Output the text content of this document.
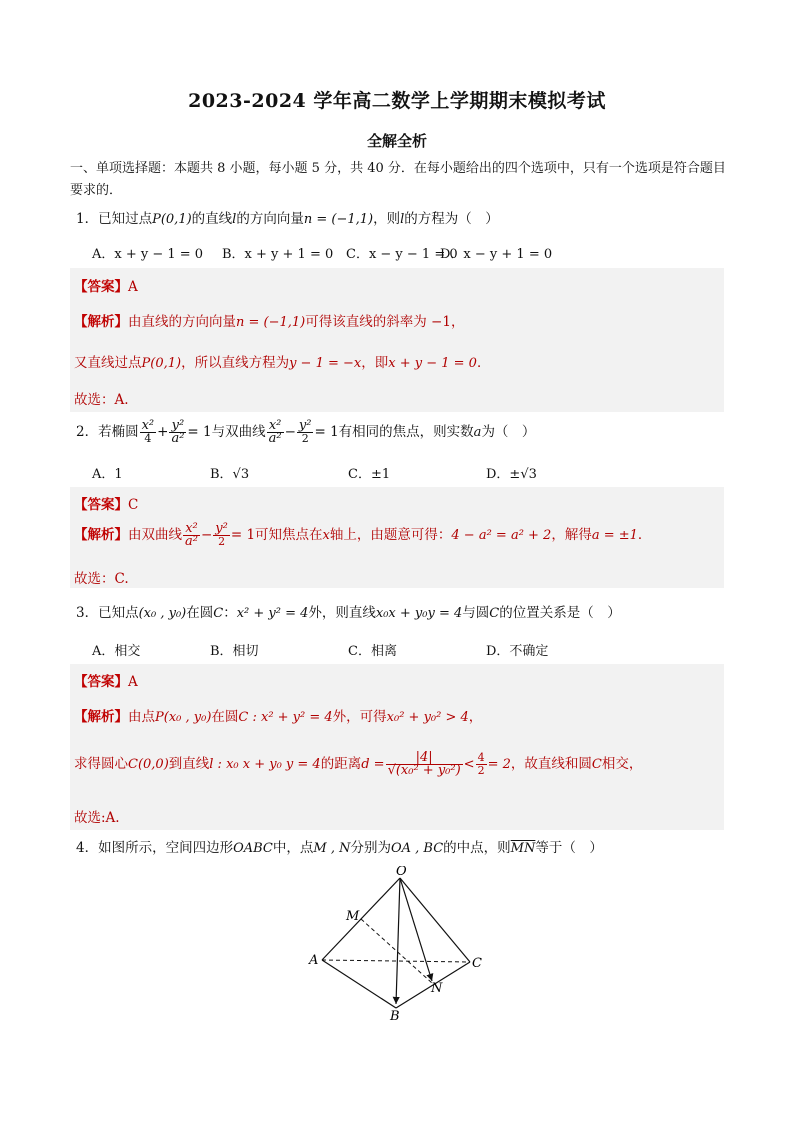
2023-2024 学年高二数学上学期期末模拟考试
全解全析
一、单项选择题：本题共 8 小题，每小题 5 分，共 40 分．在每小题给出的四个选项中，只有一个选项是符合题目要求的．
1．已知过点P(0,1)的直线l的方向向量n = (−1,1)，则l的方程为（　）
A．x + y − 1 = 0 B．x + y + 1 = 0 C．x − y − 1 = 0
D．x − y + 1 = 0
【答案】A
【解析】由直线的方向向量n = (−1,1)可得该直线的斜率为 −1，
又直线过点P(0,1)，所以直线方程为y − 1 = −x，即x + y − 1 = 0．
故选：A.
2．若椭圆 $\frac{\text{x²}}{4} + \frac{\text{y²}}{\text{a²}} = 1$与双曲线 $\frac{\text{x²}}{\text{a²}} - \frac{\text{y²}}{2} = 1$有相同的焦点，则实数a为（　）
A．1	B．√3	C．±1	D．±√3
【答案】C
【解析】由双曲线 $\frac{\text{x²}}{\text{a²}} - \frac{\text{y²}}{2} = 1$可知焦点在x轴上，由题意可得：4 − a² = a² + 2，解得a = ±1．
故选：C.
3．已知点(x₀ , y₀)在圆C：x² + y² = 4外，则直线x₀x + y₀y = 4与圆C的位置关系是（　）
A．相交	B．相切	C．相离	D．不确定
【答案】A
【解析】由点P(x₀ , y₀)在圆C : x² + y² = 4外，可得x₀² + y₀² > 4，
求得圆心C(0,0)到直线l : x₀ x + y₀ y = 4的距离$d = \frac{|4|}{\text{√(x₀² + y₀²)}} < \frac{4}{2} = 2$，故直线和圆C相交，
故选:A.
4．如图所示，空间四边形OABC中，点M , N分别为OA , BC的中点，则$\overline{MN}$等于（　）
O
M
A	C
N
B
